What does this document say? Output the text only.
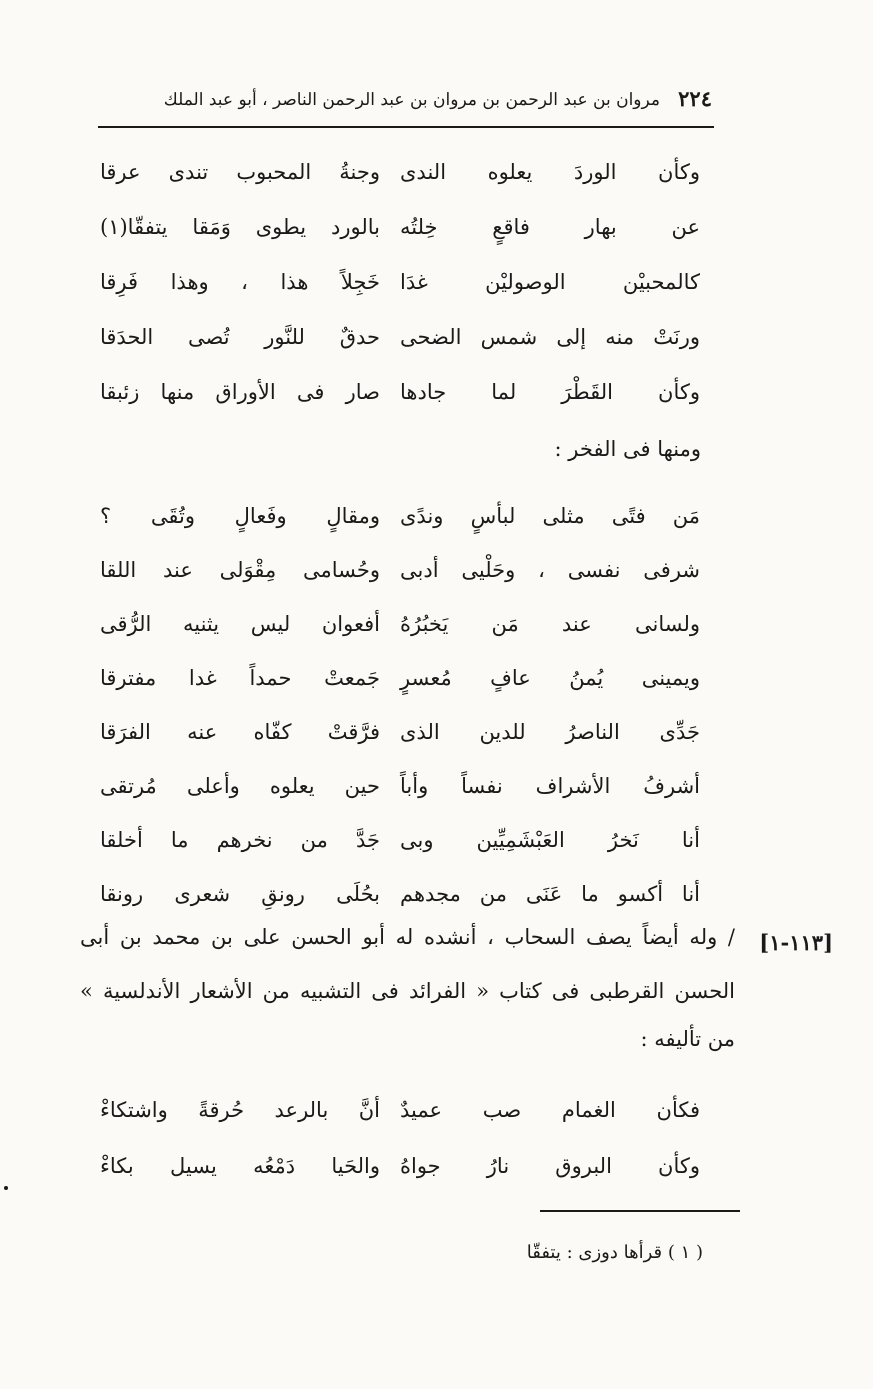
٢٢٤
مروان بن عبد الرحمن بن مروان بن عبد الرحمن الناصر ، أبو عبد الملك
وكأن الوردَ يعلوه الندى
وجنةُ المحبوب تندى عرقا
عن بهار فاقعٍ خِلتُه
بالورد يطوى وَمَقا يتفقّا(١)
كالمحبيْن الوصوليْن غدَا
خَجِلاً هذا ، وهذا فَرِقا
ورنَتْ منه إلى شمس الضحى
حدقٌ للنَّور تُصى الحدَقا
وكأن القَطْرَ لما جادها
صار فى الأوراق منها زئبقا
ومنها فى الفخر :
مَن فتًى مثلى لبأسٍ وندًى
ومقالٍ وفَعالٍ وتُقَى ؟
شرفى نفسى ، وحَلْيى أدبى
وحُسامى مِقْوَلى عند اللقا
ولسانى عند مَن يَخبُرُهُ
أفعوان ليس يثنيه الرُّقى
ويمينى يُمنُ عافٍ مُعسرٍ
جَمعتْ حمداً غدا مفترقا
جَدِّى الناصرُ للدين الذى
فرَّقتْ كفّاه عنه الفرَقا
أشرفُ الأشراف نفساً وأباً
حين يعلوه وأعلى مُرتقى
أنا نَخرُ العَبْشَمِيِّين وبى
جَدَّ من نخرهم ما أخلقا
أنا أكسو ما عَنَى من مجدهم
بحُلَى رونقِ شعرى رونقا
/ وله أيضاً يصف السحاب ، أنشده له أبو الحسن على بن محمد بن أبى
الحسن القرطبى فى كتاب « الفرائد فى التشبيه من الأشعار الأندلسية »
من تأليفه :
[١١٣-١]
فكأن الغمام صب عميدٌ
أنَّ بالرعد حُرقةً واشتكاءْ
وكأن البروق نارُ جواهُ
والحَيا دَمْعُه يسيل بكاءْ
( ١ ) قرأها دوزى : يتفقّا
